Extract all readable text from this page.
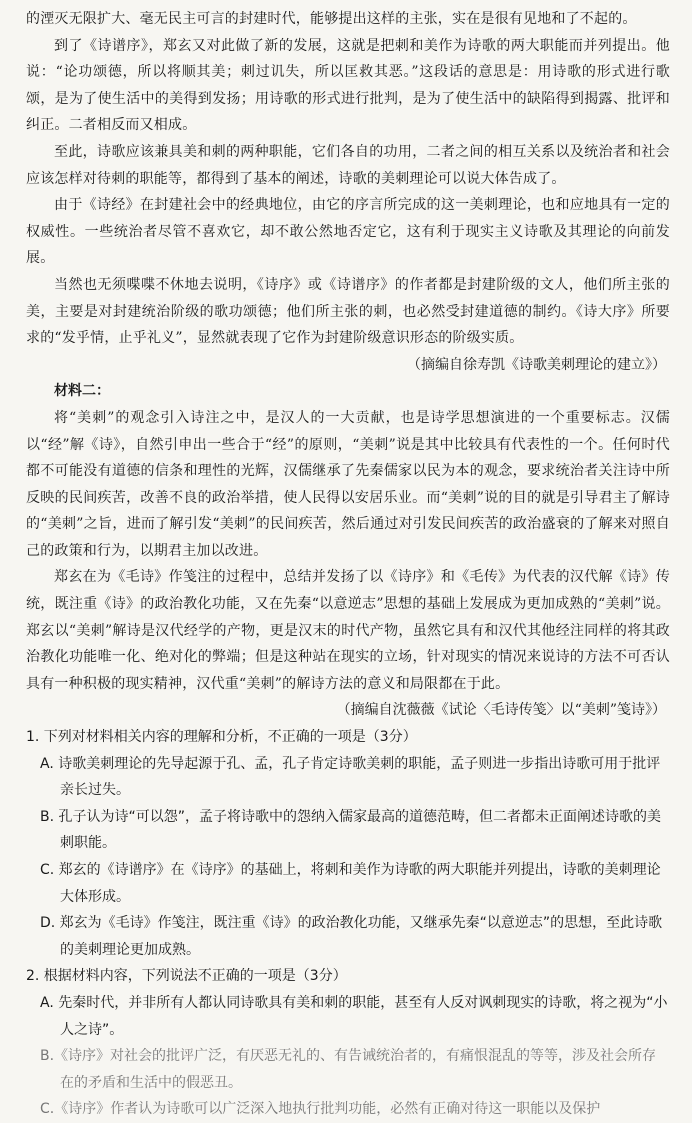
的湮灭无限扩大、毫无民主可言的封建时代，能够提出这样的主张，实在是很有见地和了不起的。

到了《诗谱序》，郑玄又对此做了新的发展，这就是把刺和美作为诗歌的两大职能而并列提出。他说：“论功颂德，所以将顺其美；刺过讥失，所以匡救其恶。”这段话的意思是：用诗歌的形式进行歌颂，是为了使生活中的美得到发扬；用诗歌的形式进行批判，是为了使生活中的缺陷得到揭露、批评和纠正。二者相反而又相成。

至此，诗歌应该兼具美和刺的两种职能，它们各自的功用，二者之间的相互关系以及统治者和社会应该怎样对待刺的职能等，都得到了基本的阐述，诗歌的美刺理论可以说大体告成了。

由于《诗经》在封建社会中的经典地位，由它的序言所完成的这一美刺理论，也和应地具有一定的权威性。一些统治者尽管不喜欢它，却不敢公然地否定它，这有利于现实主义诗歌及其理论的向前发展。

当然也无须喋喋不休地去说明，《诗序》或《诗谱序》的作者都是封建阶级的文人，他们所主张的美，主要是对封建统治阶级的歌功颂德；他们所主张的刺，也必然受封建道德的制约。《诗大序》所要求的“发乎情，止乎礼义”，显然就表现了它作为封建阶级意识形态的阶级实质。

（摘编自徐寿凯《诗歌美刺理论的建立》）

材料二：

将“美刺”的观念引入诗注之中，是汉人的一大贡献，也是诗学思想演进的一个重要标志。汉儒以“经”解《诗》，自然引申出一些合于“经”的原则，“美刺”说是其中比较具有代表性的一个。任何时代都不可能没有道德的信条和理性的光辉，汉儒继承了先秦儒家以民为本的观念，要求统治者关注诗中所反映的民间疾苦，改善不良的政治举措，使人民得以安居乐业。而“美刺”说的目的就是引导君主了解诗的“美刺”之旨，进而了解引发“美刺”的民间疾苦，然后通过对引发民间疾苦的政治盛衰的了解来对照自己的政策和行为，以期君主加以改进。

郑玄在为《毛诗》作笺注的过程中，总结并发扬了以《诗序》和《毛传》为代表的汉代解《诗》传统，既注重《诗》的政治教化功能，又在先秦“以意逆志”思想的基础上发展成为更加成熟的“美刺”说。郑玄以“美刺”解诗是汉代经学的产物，更是汉末的时代产物，虽然它具有和汉代其他经注同样的将其政治教化功能唯一化、绝对化的弊端；但是这种站在现实的立场，针对现实的情况来说诗的方法不可否认具有一种积极的现实精神，汉代重“美刺”的解诗方法的意义和局限都在于此。

（摘编自沈薇薇《试论〈毛诗传笺〉以“美刺”笺诗》）

1. 下列对材料相关内容的理解和分析，不正确的一项是（3分）

A. 诗歌美刺理论的先导起源于孔、孟，孔子肯定诗歌美刺的职能，孟子则进一步指出诗歌可用于批评亲长过失。

B. 孔子认为诗“可以怨”，孟子将诗歌中的怨纳入儒家最高的道德范畴，但二者都未正面阐述诗歌的美刺职能。

C. 郑玄的《诗谱序》在《诗序》的基础上，将刺和美作为诗歌的两大职能并列提出，诗歌的美刺理论大体形成。

D. 郑玄为《毛诗》作笺注，既注重《诗》的政治教化功能，又继承先秦“以意逆志”的思想，至此诗歌的美刺理论更加成熟。

2. 根据材料内容，下列说法不正确的一项是（3分）

A. 先秦时代，并非所有人都认同诗歌具有美和刺的职能，甚至有人反对讽刺现实的诗歌，将之视为“小人之诗”。

B.《诗序》对社会的批评广泛，有厌恶无礼的、有告诫统治者的，有痛恨混乱的等等，涉及社会所存在的矛盾和生活中的假恶丑。

C.《诗序》作者认为诗歌可以广泛深入地执行批判功能，必然有正确对待这一职能以及保护
